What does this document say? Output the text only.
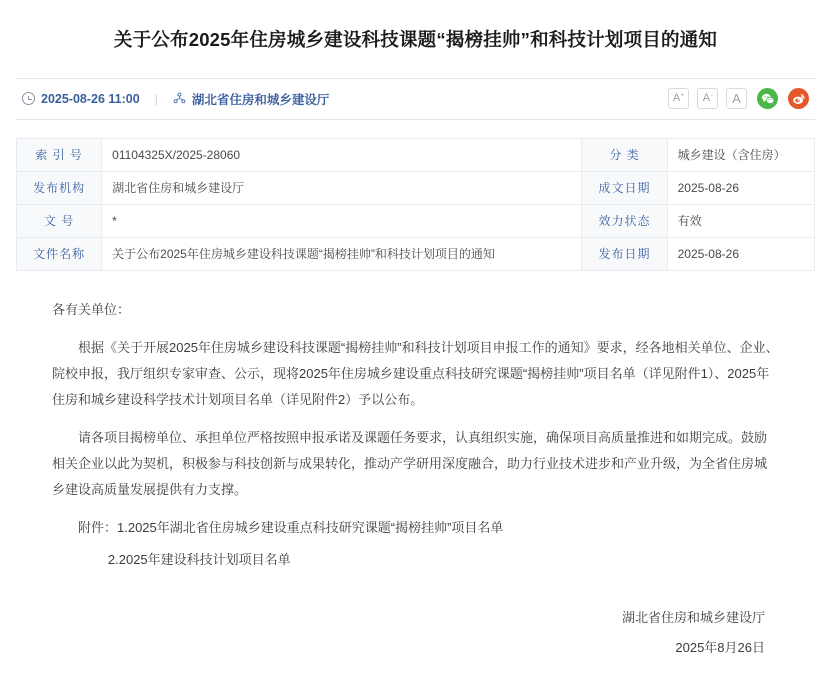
关于公布2025年住房城乡建设科技课题“揭榜挂帅”和科技计划项目的通知
2025-08-26 11:00 |	湖北省住房和城乡建设厅	A+ A- A
索 引 号	01104325X/2025-28060	分 类	城乡建设（含住房）
发布机构	湖北省住房和城乡建设厅	成文日期	2025-08-26
文 号	*	效力状态	有效
文件名称	关于公布2025年住房城乡建设科技课题“揭榜挂帅”和科技计划项目的通知	发布日期	2025-08-26

各有关单位：

根据《关于开展2025年住房城乡建设科技课题“揭榜挂帅”和科技计划项目申报工作的通知》要求，经各地相关单位、企业、院校申报，我厅组织专家审查、公示，现将2025年住房城乡建设重点科技研究课题“揭榜挂帅”项目名单（详见附件1）、2025年住房和城乡建设科学技术计划项目名单（详见附件2）予以公布。

请各项目揭榜单位、承担单位严格按照申报承诺及课题任务要求，认真组织实施，确保项目高质量推进和如期完成。鼓励相关企业以此为契机，积极参与科技创新与成果转化，推动产学研用深度融合，助力行业技术进步和产业升级，为全省住房城乡建设高质量发展提供有力支撑。

附件：1.2025年湖北省住房城乡建设重点科技研究课题“揭榜挂帅”项目名单

2.2025年建设科技计划项目名单

湖北省住房和城乡建设厅
2025年8月26日
